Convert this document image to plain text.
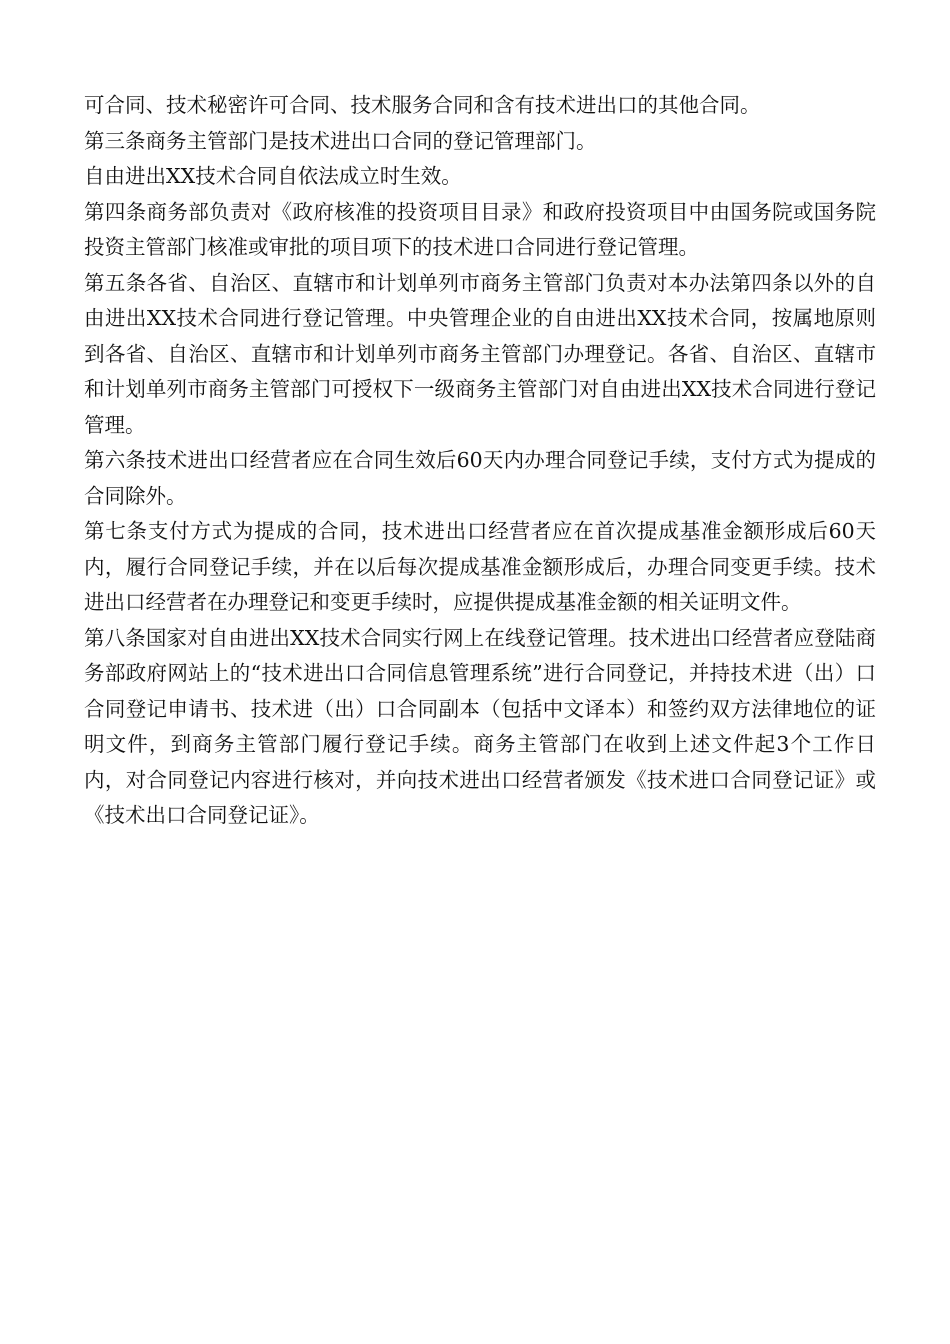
可合同、技术秘密许可合同、技术服务合同和含有技术进出口的其他合同。

第三条商务主管部门是技术进出口合同的登记管理部门。

自由进出XX技术合同自依法成立时生效。

第四条商务部负责对《政府核准的投资项目目录》和政府投资项目中由国务院或国务院投资主管部门核准或审批的项目项下的技术进口合同进行登记管理。

第五条各省、自治区、直辖市和计划单列市商务主管部门负责对本办法第四条以外的自由进出XX技术合同进行登记管理。中央管理企业的自由进出XX技术合同，按属地原则到各省、自治区、直辖市和计划单列市商务主管部门办理登记。各省、自治区、直辖市和计划单列市商务主管部门可授权下一级商务主管部门对自由进出XX技术合同进行登记管理。

第六条技术进出口经营者应在合同生效后60天内办理合同登记手续，支付方式为提成的合同除外。

第七条支付方式为提成的合同，技术进出口经营者应在首次提成基准金额形成后60天内，履行合同登记手续，并在以后每次提成基准金额形成后，办理合同变更手续。技术进出口经营者在办理登记和变更手续时，应提供提成基准金额的相关证明文件。

第八条国家对自由进出XX技术合同实行网上在线登记管理。技术进出口经营者应登陆商务部政府网站上的“技术进出口合同信息管理系统”进行合同登记，并持技术进（出）口合同登记申请书、技术进（出）口合同副本（包括中文译本）和签约双方法律地位的证明文件，到商务主管部门履行登记手续。商务主管部门在收到上述文件起3个工作日内，对合同登记内容进行核对，并向技术进出口经营者颁发《技术进口合同登记证》或《技术出口合同登记证》。
